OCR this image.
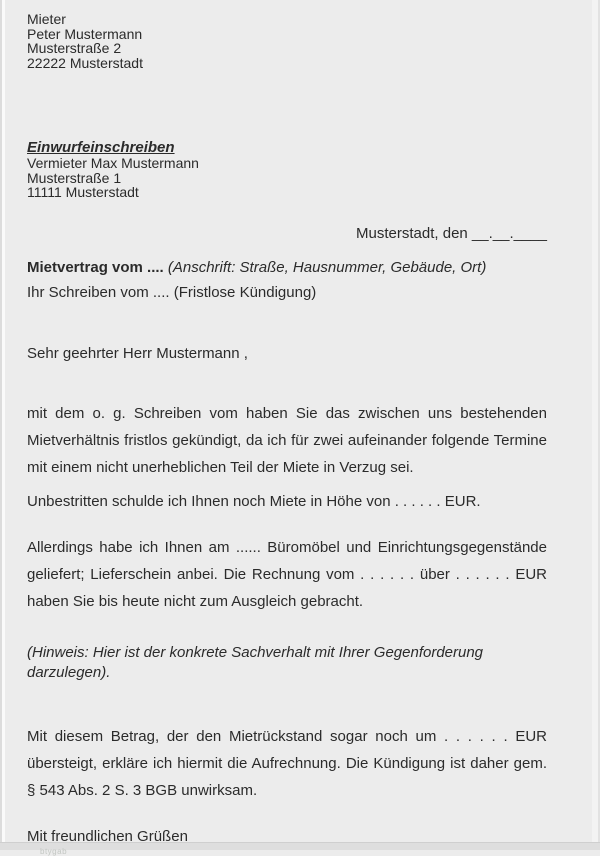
Mieter
Peter Mustermann
Musterstraße 2
22222 Musterstadt
Einwurfeinschreiben
Vermieter Max Mustermann
Musterstraße 1
11111 Musterstadt
Musterstadt, den __.__.____
Mietvertrag vom .... (Anschrift: Straße, Hausnummer, Gebäude, Ort)
Ihr Schreiben vom .... (Fristlose Kündigung)
Sehr geehrter Herr Mustermann ,
mit dem o. g. Schreiben vom haben Sie das zwischen uns bestehenden Mietverhältnis fristlos gekündigt, da ich für zwei aufeinander folgende Termine mit einem nicht unerheblichen Teil der Miete in Verzug sei.
Unbestritten schulde ich Ihnen noch Miete in Höhe von . . . . . . EUR.
Allerdings habe ich Ihnen am ...... Büromöbel und Einrichtungsgegenstände geliefert; Lieferschein anbei. Die Rechnung vom . . . . . . über . . . . . . EUR haben Sie bis heute nicht zum Ausgleich gebracht.
(Hinweis: Hier ist der konkrete Sachverhalt mit Ihrer Gegenforderung darzulegen).
Mit diesem Betrag, der den Mietrückstand sogar noch um . . . . . . EUR übersteigt, erkläre ich hiermit die Aufrechnung. Die Kündigung ist daher gem. § 543 Abs. 2 S. 3 BGB unwirksam.
Mit freundlichen Grüßen
btygab
